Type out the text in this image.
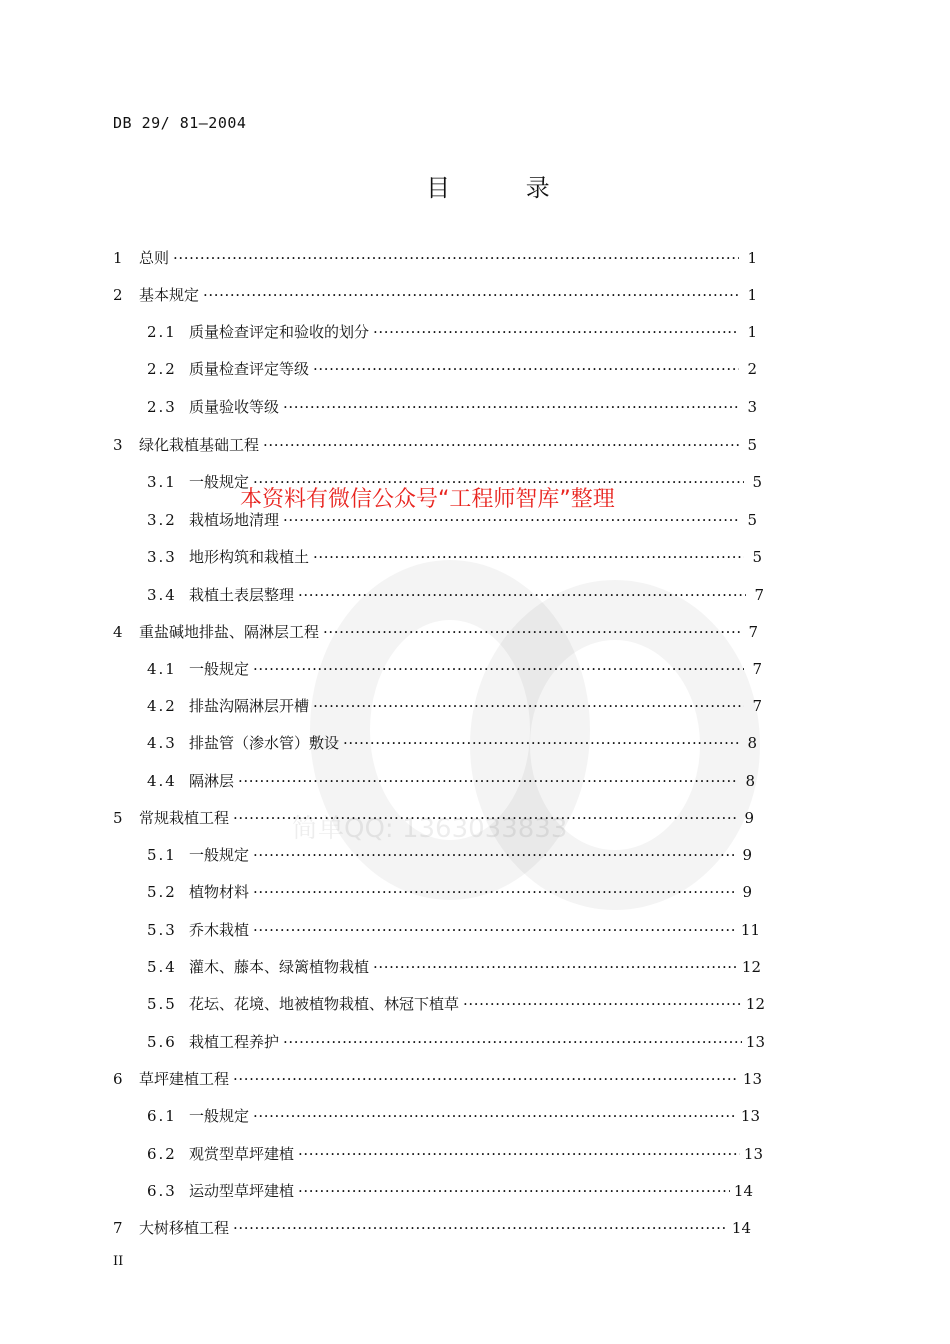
DB 29/ 81—2004
目 录
简单QQ: 1363033833
1	总则 ·····	1
2	基本规定 ·····	1
2.1 质量检查评定和验收的划分 ·····	1
2.2 质量检查评定等级 ·····	2
2.3 质量验收等级 ·····	3
3	绿化栽植基础工程 ·····	5
3.1 一般规定 ·····	5
3.2 栽植场地清理 ·····	5
3.3 地形构筑和栽植土 ·····	5
3.4 栽植土表层整理 ·····	7
4	重盐碱地排盐、隔淋层工程 ·····	7
4.1 一般规定 ·····	7
4.2 排盐沟隔淋层开槽 ·····	7
4.3 排盐管（渗水管）敷设 ·····	8
4.4 隔淋层 ·····	8
5	常规栽植工程 ·····	9
5.1 一般规定 ·····	9
5.2 植物材料 ·····	9
5.3 乔木栽植 ·····	11
5.4 灌木、藤本、绿篱植物栽植 ·····	12
5.5 花坛、花境、地被植物栽植、林冠下植草 ·····	12
5.6 栽植工程养护 ·····	13
6	草坪建植工程 ·····	13
6.1 一般规定 ·····	13
6.2 观赏型草坪建植 ·····	13
6.3 运动型草坪建植 ·····	14
7	大树移植工程 ·····	14
本资料有微信公众号“工程师智库”整理
II
